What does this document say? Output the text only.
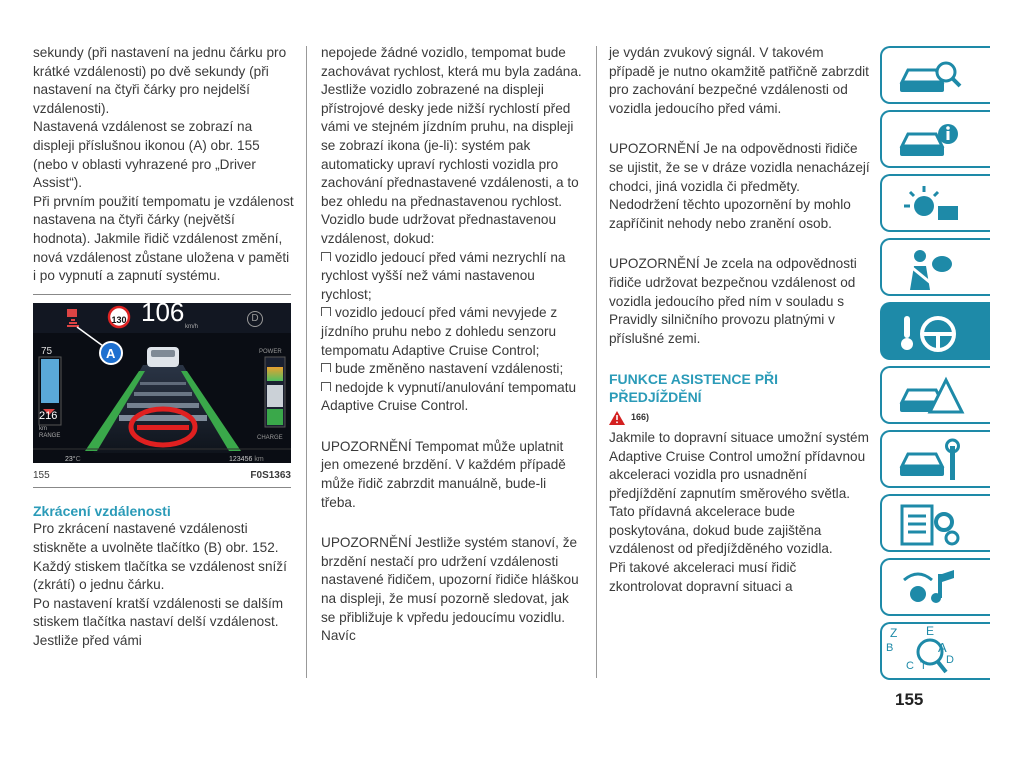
sekundy (při nastavení na jednu čárku pro krátké vzdálenosti) po dvě sekundy (při nastavení na čtyři čárky pro nejdelší vzdálenosti).

Nastavená vzdálenost se zobrazí na displeji příslušnou ikonou (A) obr. 155 (nebo v oblasti vyhrazené pro „Driver Assist“).

Při prvním použití tempomatu je vzdálenost nastavena na čtyři čárky (největší hodnota). Jakmile řidič vzdálenost změní, nová vzdálenost zůstane uložena v paměti i po vypnutí a zapnutí systému.

130 106 km/h
D
A
75	POWER
216
km
RANGE	CHARGE
23°C	123456 km
155	F0S1363
Zkrácení vzdálenosti

Pro zkrácení nastavené vzdálenosti stiskněte a uvolněte tlačítko (B) obr. 152.

Každý stiskem tlačítka se vzdálenost sníží (zkrátí) o jednu čárku.

Po nastavení kratší vzdálenosti se dalším stiskem tlačítka nastaví delší vzdálenost. Jestliže před vámi

nepojede žádné vozidlo, tempomat bude zachovávat rychlost, která mu byla zadána.

Jestliže vozidlo zobrazené na displeji přístrojové desky jede nižší rychlostí před vámi ve stejném jízdním pruhu, na displeji se zobrazí ikona (je-li): systém pak automaticky upraví rychlosti vozidla pro zachování přednastavené vzdálenosti, a to bez ohledu na přednastavenou rychlost.

Vozidlo bude udržovat přednastavenou vzdálenost, dokud:

vozidlo jedoucí před vámi nezrychlí na rychlost vyšší než vámi nastavenou rychlost;

vozidlo jedoucí před vámi nevyjede z jízdního pruhu nebo z dohledu senzoru tempomatu Adaptive Cruise Control;

bude změněno nastavení vzdálenosti;

nedojde k vypnutí/anulování tempomatu Adaptive Cruise Control.

UPOZORNĚNÍ Tempomat může uplatnit jen omezené brzdění. V každém případě může řidič zabrzdit manuálně, bude-li třeba.

UPOZORNĚNÍ Jestliže systém stanoví, že brzdění nestačí pro udržení vzdálenosti nastavené řidičem, upozorní řidiče hláškou na displeji, že musí pozorně sledovat, jak se přibližuje k vpředu jedoucímu vozidlu. Navíc

je vydán zvukový signál. V takovém případě je nutno okamžitě patřičně zabrzdit pro zachování bezpečné vzdálenosti od vozidla jedoucího před vámi.

UPOZORNĚNÍ Je na odpovědnosti řidiče se ujistit, že se v dráze vozidla nenacházejí chodci, jiná vozidla či předměty. Nedodržení těchto upozornění by mohlo zapříčinit nehody nebo zranění osob.

UPOZORNĚNÍ Je zcela na odpovědnosti řidiče udržovat bezpečnou vzdálenost od vozidla jedoucího před ním v souladu s Pravidly silničního provozu platnými v příslušné zemi.

FUNKCE ASISTENCE PŘI PŘEDJÍŽDĚNÍ
166)

Jakmile to dopravní situace umožní systém Adaptive Cruise Control umožní přídavnou akceleraci vozidla pro usnadnění předjíždění zapnutím směrového světla. Tato přídavná akcelerace bude poskytována, dokud bude zajištěna vzdálenost od předjížděného vozidla.

Při takové akceleraci musí řidič zkontrolovat dopravní situaci a

Z E
B	A
C T D
155
